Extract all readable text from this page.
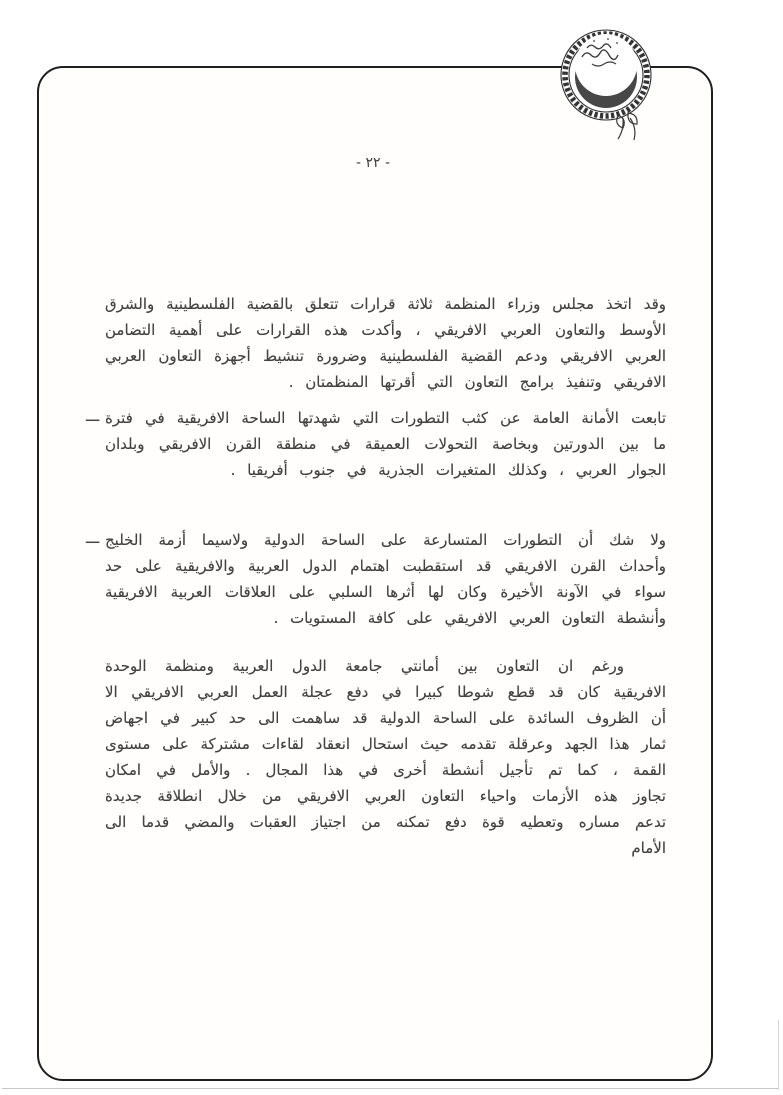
- ٢٢ -

وقد اتخذ مجلس وزراء المنظمة ثلاثة قرارات تتعلق بالقضية الفلسطينية والشرق الأوسط والتعاون العربي الافريقي ، وأكدت هذه القرارات على أهمية التضامن العربي الافريقي ودعم القضية الفلسطينية وضرورة تنشيط أجهزة التعاون العربي الافريقي وتنفيذ برامج التعاون التي أقرتها المنظمتان .

ـــ تابعت الأمانة العامة عن كثب التطورات التي شهدتها الساحة الافريقية في فترة ما بين الدورتين وبخاصة التحولات العميقة في منطقة القرن الافريقي وبلدان الجوار العربي ، وكذلك المتغيرات الجذرية في جنوب أفريقيا .

ـــ ولا شك أن التطورات المتسارعة على الساحة الدولية ولاسيما أزمة الخليج وأحداث القرن الافريقي قد استقطبت اهتمام الدول العربية والافريقية على حد سواء في الآونة الأخيرة وكان لها أثرها السلبي على العلاقات العربية الافريقية وأنشطة التعاون العربي الافريقي على كافة المستويات .

ورغم ان التعاون بين أمانتي جامعة الدول العربية ومنظمة الوحدة الافريقية كان قد قطع شوطا كبيرا في دفع عجلة العمل العربي الافريقي الا أن الظروف السائدة على الساحة الدولية قد ساهمت الى حد كبير في اجهاض ثمار هذا الجهد وعرقلة تقدمه حيث استحال انعقاد لقاءات مشتركة على مستوى القمة ، كما تم تأجيل أنشطة أخرى في هذا المجال . والأمل في امكان تجاوز هذه الأزمات واحياء التعاون العربي الافريقي من خلال انطلاقة جديدة تدعم مساره وتعطيه قوة دفع تمكنه من اجتياز العقبات والمضي قدما الى الأمام
